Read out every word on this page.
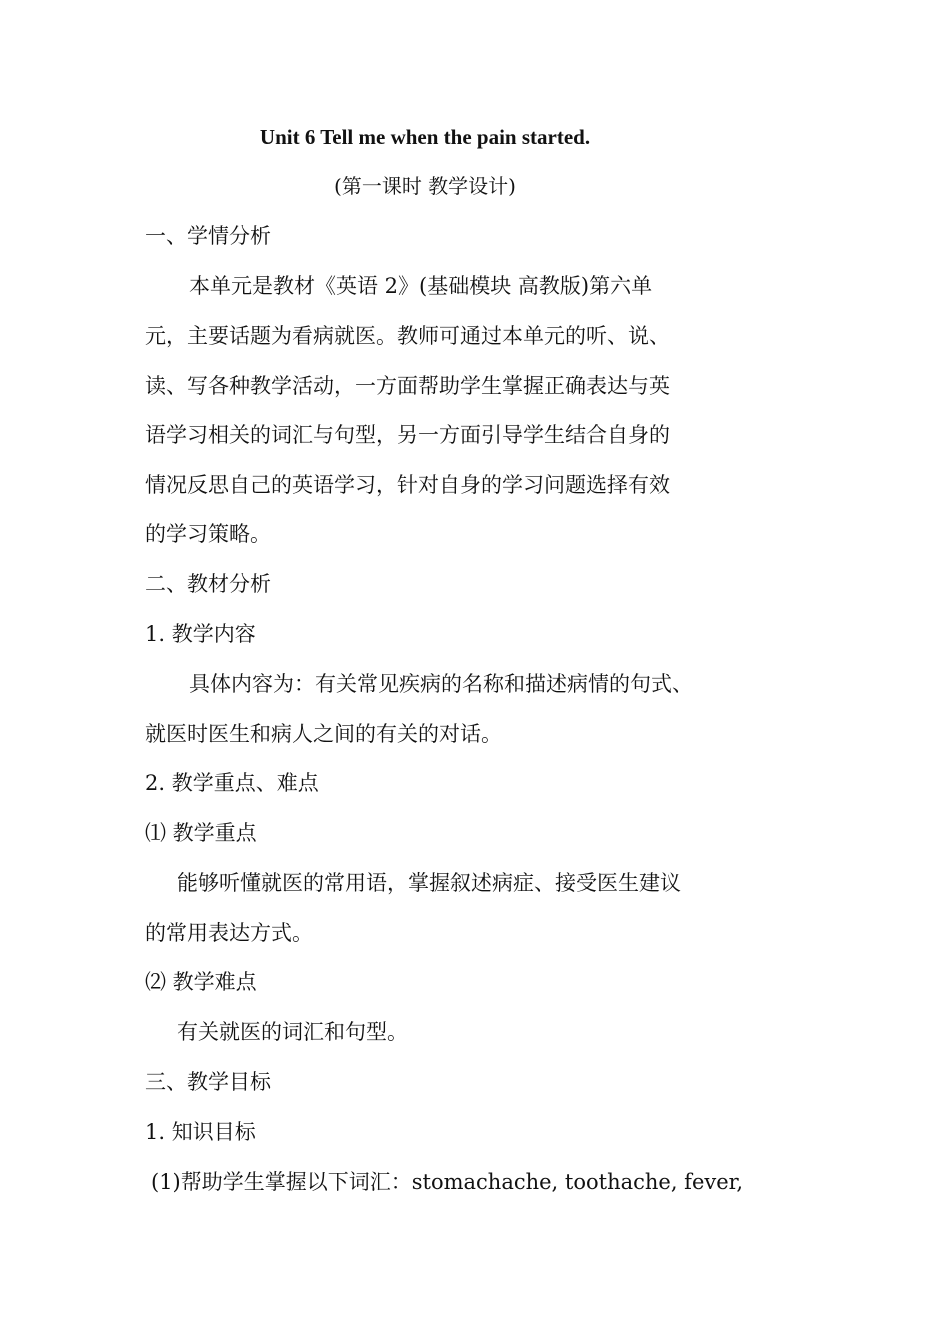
Unit 6 Tell me when the pain started.
(第一课时 教学设计)
一、学情分析
本单元是教材《英语 2》(基础模块 高教版)第六单
元，主要话题为看病就医。教师可通过本单元的听、说、
读、写各种教学活动，一方面帮助学生掌握正确表达与英
语学习相关的词汇与句型，另一方面引导学生结合自身的
情况反思自己的英语学习，针对自身的学习问题选择有效
的学习策略。
二、教材分析
1. 教学内容
具体内容为：有关常见疾病的名称和描述病情的句式、
就医时医生和病人之间的有关的对话。
2. 教学重点、难点
⑴ 教学重点
能够听懂就医的常用语，掌握叙述病症、接受医生建议
的常用表达方式。
⑵ 教学难点
有关就医的词汇和句型。
三、教学目标
1. 知识目标
(1)帮助学生掌握以下词汇：stomachache, toothache, fever,
